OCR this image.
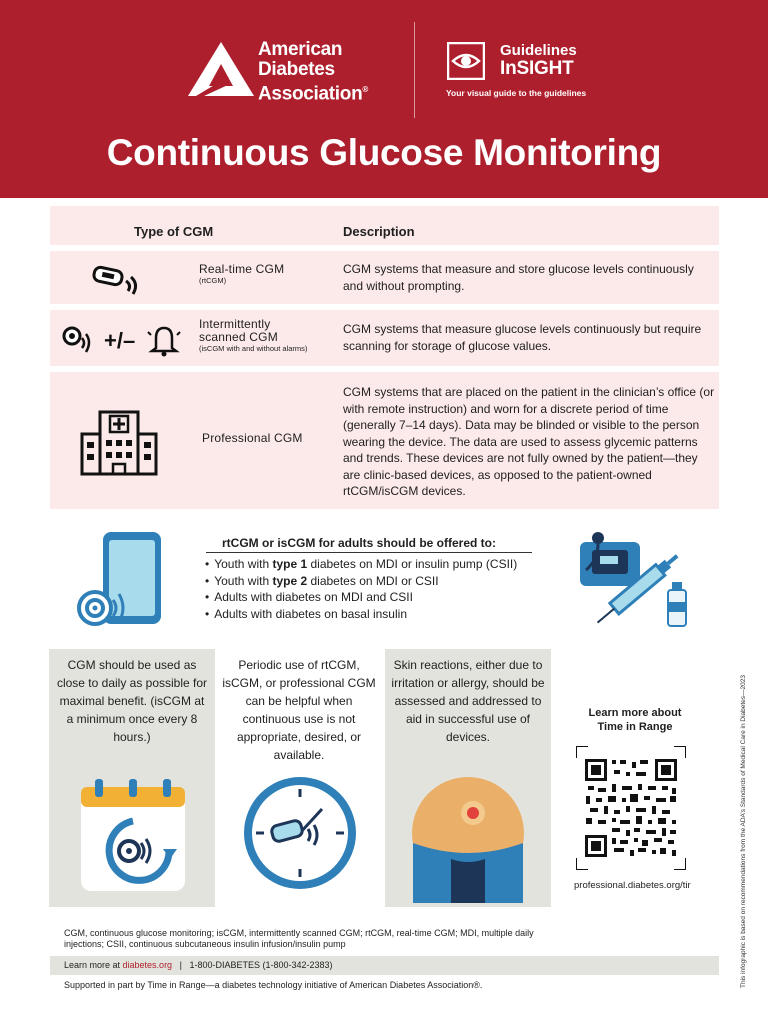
American
Diabetes
Association®
Guidelines
InSIGHT
Your visual guide to the guidelines
Continuous Glucose Monitoring
Type of CGM	Description
Real-time CGM
(rtCGM)
CGM systems that measure and store glucose levels continuously and without prompting.
+/–
Intermittently scanned CGM
(isCGM with and without alarms)
CGM systems that measure glucose levels continuously but require scanning for storage of glucose values.
Professional CGM
CGM systems that are placed on the patient in the clinician’s office (or with remote instruction) and worn for a discrete period of time (generally 7–14 days). Data may be blinded or visible to the person wearing the device. The data are used to assess glycemic patterns and trends. These devices are not fully owned by the patient—they are clinic-based devices, as opposed to the patient-owned rtCGM/isCGM devices.
rtCGM or isCGM for adults should be offered to:
• Youth with type 1 diabetes on MDI or insulin pump (CSII)
• Youth with type 2 diabetes on MDI or CSII
• Adults with diabetes on MDI and CSII
• Adults with diabetes on basal insulin
CGM should be used as close to daily as possible for maximal benefit. (isCGM at a minimum once every 8 hours.)
Periodic use of rtCGM, isCGM, or professional CGM can be helpful when continuous use is not appropriate, desired, or available.
Skin reactions, either due to irritation or allergy, should be assessed and addressed to aid in successful use of devices.
Learn more about Time in Range
professional.diabetes.org/tir
CGM, continuous glucose monitoring; isCGM, intermittently scanned CGM; rtCGM, real-time CGM; MDI, multiple daily injections; CSII, continuous subcutaneous insulin infusion/insulin pump
Learn more at diabetes.org   |   1-800-DIABETES (1-800-342-2383)
Supported in part by Time in Range—a diabetes technology initiative of American Diabetes Association®.	This infographic is based on recommendations from the ADA’s Standards of Medical Care in Diabetes—2023
